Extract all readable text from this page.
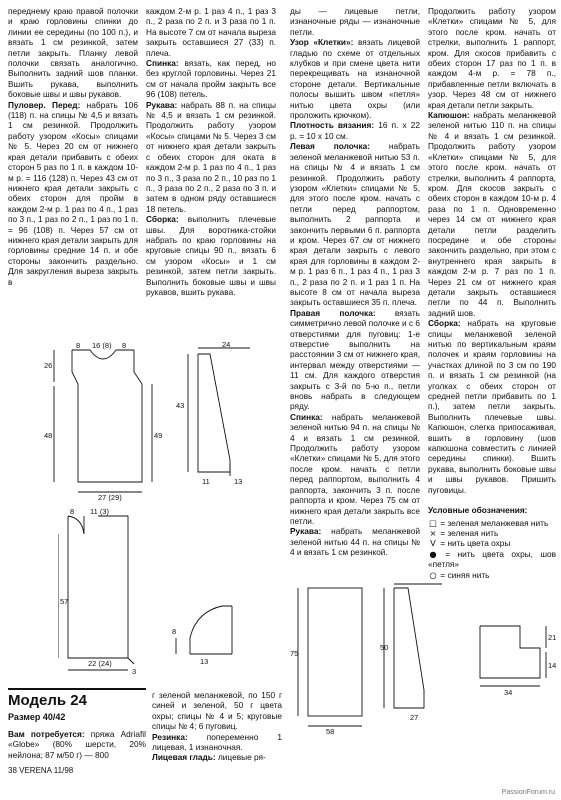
переднему краю правой полочки и краю горловины спинки до линии ее середины (по 100 п.), и вязать 1 см резинкой, затем петли закрыть. Планку левой полочки связать аналогично. Выполнить задний шов планки. Вшить рукава, выполнить боковые швы и швы рукавов.

Пуловер. Перед: набрать 106 (118) п. на спицы № 4,5 и вязать 1 см резинкой. Продолжить работу узором «Косы» спицами № 5. Через 20 см от нижнего края детали прибавить с обеих сторон 5 раз по 1 п. в каждом 10-м р. = 116 (128) п. Через 43 см от нижнего края детали закрыть с обеих сторон для пройм в каждом 2-м р. 1 раз по 4 п., 1 раз по 3 п., 1 раз по 2 п., 1 раз по 1 п. = 96 (108) п. Через 57 см от нижнего края детали закрыть для горловины средние 14 п. и обе стороны закончить раздельно. Для закругления выреза закрыть в

каждом 2-м р. 1 раз 4 п., 1 раз 3 п., 2 раза по 2 п. и 3 раза по 1 п. На высоте 7 см от начала выреза закрыть оставшиеся 27 (33) п. плеча.

Спинка: вязать, как перед, но без круглой горловины. Через 21 см от начала пройм закрыть все 96 (108) петель.

Рукава: набрать 88 п. на спицы № 4,5 и вязать 1 см резинкой. Продолжить работу узором «Косы» спицами № 5. Через 3 см от нижнего края детали закрыть с обеих сторон для оката в каждом 2-м р. 1 раз по 4 п., 1 раз по 3 п., 3 раза по 2 п., 10 раз по 1 п., 3 раза по 2 п., 2 раза по 3 п. и затем в одном ряду оставшиеся 18 петель.

Сборка: выполнить плечевые швы. Для воротника-стойки набрать по краю горловины на круговые спицы 90 п., вязать 6 см узором «Косы» и 1 см резинкой, затем петли закрыть. Выполнить боковые швы и швы рукавов, вшить рукава.

ды — лицевые петли, изнаночные ряды — изнаночные петли.

Узор «Клетки»: вязать лицевой гладью по схеме от отдельных клубков и при смене цвета нити перекрещивать на изнаночной стороне детали. Вертикальные полосы вышить швом «петля» нитью цвета охры (или проложить крючком).

Плотность вязания: 16 п. х 22 р. = 10 х 10 см.

Левая полочка: набрать зеленой меланжевой нитью 53 п. на спицы № 4 и вязать 1 см резинкой. Продолжить работу узором «Клетки» спицами № 5, для этого после кром. начать с петли перед раппортом, выполнить 2 раппорта и закончить первыми 6 п. раппорта и кром. Через 67 см от нижнего края детали закрыть с левого края для горловины в каждом 2-м р. 1 раз 6 п., 1 раз 4 п., 1 раз 3 п., 2 раза по 2 п. и 1 раз 1 п. На высоте 8 см от начала выреза закрыть оставшиеся 35 п. плеча.

Правая полочка: вязать симметрично левой полочке и с 6 отверстиями для пуговиц: 1-е отверстие выполнить на расстоянии 3 см от нижнего края, интервал между отверстиями — 11 см. Для каждого отверстия закрыть с 3-й по 5-ю п., петли вновь набрать в следующем ряду.

Спинка: набрать меланжевой зеленой нитью 94 п. на спицы № 4 и вязать 1 см резинкой. Продолжить работу узором «Клетки» спицами № 5, для этого после кром. начать с петли перед раппортом, выполнить 4 раппорта, закончить 3 п. после раппорта и кром. Через 75 см от нижнего края детали закрыть все петли.

Рукава: набрать меланжевой зеленой нитью 44 п. на спицы № 4 и вязать 1 см резинкой.

Продолжить работу узором «Клетки» спицами № 5, для этого после кром. начать от стрелки, выполнить 1 раппорт, кром. Для скосов прибавить с обеих сторон 17 раз по 1 п. в каждом 4-м р. = 78 п., прибавленные петли включать в узор. Через 48 см от нижнего края детали петли закрыть.

Капюшон: набрать меланжевой зеленой нитью 110 п. на спицы № 4 и вязать 1 см резинкой. Продолжить работу узором «Клетки» спицами № 5, для этого после кром. начать от стрелки, выполнить 4 раппорта, кром. Для скосов закрыть с обеих сторон в каждом 10-м р. 4 раза по 1 п. Одновременно через 14 см от нижнего края детали петли разделить посредине и обе стороны закончить раздельно, при этом с внутреннего края закрыть в каждом 2-м р. 7 раз по 1 п. Через 21 см от нижнего края детали закрыть оставшиеся петли по 44 п. Выполнить задний шов.

Сборка: набрать на круговые спицы меланжевой зеленой нитью по вертикальным краям полочек и краям горловины на участках длиной по 3 см по 190 п. и вязать 1 см резинкой (на уголках с обеих сторон от средней петли прибавить по 1 п.), затем петли закрыть. Выполнить плечевые швы. Капюшон, слегка припосаживая, вшить в горловину (шов капюшона совместить с линией середины спинки). Вшить рукава, выполнить боковые швы и швы рукавов. Пришить пуговицы.

Условные обозначения:
□ = зеленая меланжевая нить
× = зеленая нить
V = нить цвета охры
● = нить цвета охры, шов «петля»
○ = синяя нить
8 16 (8) 8
26
48	49
27 (29)
24
43
11	13
8 11 (3)
57
22 (24)
3
8
13
75
58
50
27
21
14
34
Модель 24
Размер 40/42
Вам потребуется: пряжа Adriafil «Globe» (80% шерсти, 20% нейлона; 87 м/50 г) — 800

г зеленой меланжевой, по 150 г синей и зеленой, 50 г цвета охры; спицы № 4 и 5; круговые спицы № 4; 6 пуговиц.

Резинка: попеременно 1 лицевая, 1 изнаночная.

Лицевая гладь: лицевые ря-

38 VERENA 11/98
PassionForum.ru
